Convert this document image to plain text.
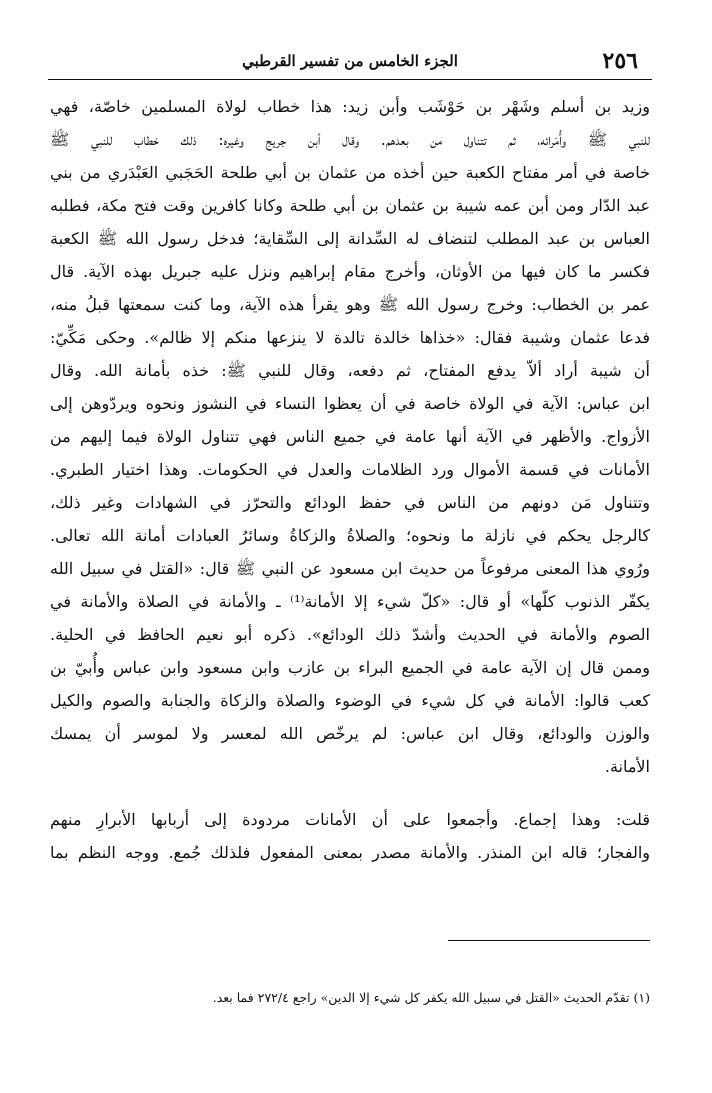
٢٥٦
الجزء الخامس من تفسير القرطبي
وزيد بن أسلم وشَهْر بن حَوْشَب وأبن زيد: هذا خطاب لولاة المسلمين خاصّة، فهي
للنبي ﷺ وأُمَرائه، ثم تتناول من بعدهم. وقال أبن جريج وغيره: ذلك خطاب للنبي ﷺ
خاصة في أمر مفتاح الكعبة حين أخذه من عثمان بن أبي طلحة الحَجَبي العَبْدَري من بني
عبد الدّار ومن أبن عمه شيبة بن عثمان بن أبي طلحة وكانا كافرين وقت فتح مكة، فطلبه
العباس بن عبد المطلب لتنضاف له السِّدانة إلى السِّقاية؛ فدخل رسول الله ﷺ الكعبة
فكسر ما كان فيها من الأوثان، وأخرج مقام إبراهيم ونزل عليه جبريل بهذه الآية. قال
عمر بن الخطاب: وخرج رسول الله ﷺ وهو يقرأ هذه الآية، وما كنت سمعتها قبلُ منه،
فدعا عثمان وشيبة فقال: «خذاها خالدة تالدة لا ينزعها منكم إلا ظالم». وحكى مَكِّيّ:
أن شيبة أراد ألاّ يدفع المفتاح، ثم دفعه، وقال للنبي ﷺ: خذه بأمانة الله. وقال
ابن عباس: الآية في الولاة خاصة في أن يعظوا النساء في النشوز ونحوه ويردّوهن إلى
الأزواج. والأظهر في الآية أنها عامة في جميع الناس فهي تتناول الولاة فيما إليهم من
الأمانات في قسمة الأموال ورد الظلامات والعدل في الحكومات. وهذا اختيار الطبري.
وتتناول مَن دونهم من الناس في حفظ الودائع والتحرّز في الشهادات وغير ذلك،
كالرجل يحكم في نازلة ما ونحوه؛ والصلاةُ والزكاةُ وسائرُ العبادات أمانة الله تعالى.
ورُوي هذا المعنى مرفوعاً من حديث ابن مسعود عن النبي ﷺ قال: «القتل في سبيل الله
يكفّر الذنوب كلّها» أو قال: «كلّ شيء إلا الأمانة⁽¹⁾ ـ والأمانة في الصلاة والأمانة في
الصوم والأمانة في الحديث وأشدّ ذلك الودائع». ذكره أبو نعيم الحافظ في الحلية.
وممن قال إن الآية عامة في الجميع البراء بن عازب وابن مسعود وابن عباس وأُبيّ بن
كعب قالوا: الأمانة في كل شيء في الوضوء والصلاة والزكاة والجنابة والصوم والكيل
والوزن والودائع، وقال ابن عباس: لم يرخّص الله لمعسر ولا لموسر أن يمسك
الأمانة.
قلت: وهذا إجماع. وأجمعوا على أن الأمانات مردودة إلى أربابها الأبرارِ منهم
والفجار؛ قاله ابن المنذر. والأمانة مصدر بمعنى المفعول فلذلك جُمع. ووجه النظم بما
(١) تقدّم الحديث «القتل في سبيل الله يكفر كل شيء إلا الدين» راجع ٢٧٢/٤ فما بعد.
